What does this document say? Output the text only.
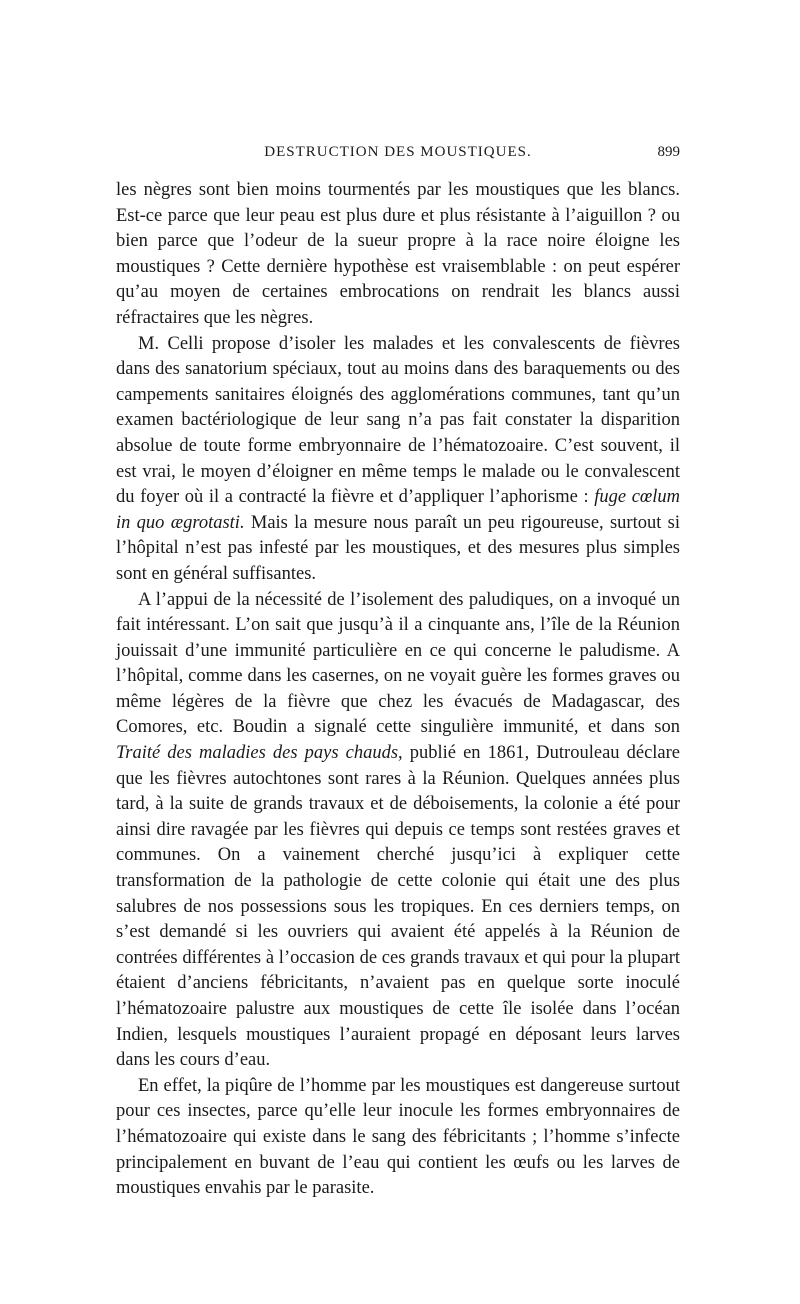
DESTRUCTION DES MOUSTIQUES.	899

les nègres sont bien moins tourmentés par les moustiques que les blancs. Est-ce parce que leur peau est plus dure et plus résistante à l’aiguillon ? ou bien parce que l’odeur de la sueur propre à la race noire éloigne les moustiques ? Cette dernière hypothèse est vraisemblable : on peut espérer qu’au moyen de certaines embrocations on rendrait les blancs aussi réfractaires que les nègres.

M. Celli propose d’isoler les malades et les convalescents de fièvres dans des sanatorium spéciaux, tout au moins dans des baraquements ou des campements sanitaires éloignés des agglomérations communes, tant qu’un examen bactériologique de leur sang n’a pas fait constater la disparition absolue de toute forme embryonnaire de l’hématozoaire. C’est souvent, il est vrai, le moyen d’éloigner en même temps le malade ou le convalescent du foyer où il a contracté la fièvre et d’appliquer l’aphorisme : fuge cœlum in quo ægrotasti. Mais la mesure nous paraît un peu rigoureuse, surtout si l’hôpital n’est pas infesté par les moustiques, et des mesures plus simples sont en général suffisantes.

A l’appui de la nécessité de l’isolement des paludiques, on a invoqué un fait intéressant. L’on sait que jusqu’à il a cinquante ans, l’île de la Réunion jouissait d’une immunité particulière en ce qui concerne le paludisme. A l’hôpital, comme dans les casernes, on ne voyait guère les formes graves ou même légères de la fièvre que chez les évacués de Madagascar, des Comores, etc. Boudin a signalé cette singulière immunité, et dans son Traité des maladies des pays chauds, publié en 1861, Dutrouleau déclare que les fièvres autochtones sont rares à la Réunion. Quelques années plus tard, à la suite de grands travaux et de déboisements, la colonie a été pour ainsi dire ravagée par les fièvres qui depuis ce temps sont restées graves et communes. On a vainement cherché jusqu’ici à expliquer cette transformation de la pathologie de cette colonie qui était une des plus salubres de nos possessions sous les tropiques. En ces derniers temps, on s’est demandé si les ouvriers qui avaient été appelés à la Réunion de contrées différentes à l’occasion de ces grands travaux et qui pour la plupart étaient d’anciens fébricitants, n’avaient pas en quelque sorte inoculé l’hématozoaire palustre aux moustiques de cette île isolée dans l’océan Indien, lesquels moustiques l’auraient propagé en déposant leurs larves dans les cours d’eau.

En effet, la piqûre de l’homme par les moustiques est dangereuse surtout pour ces insectes, parce qu’elle leur inocule les formes embryonnaires de l’hématozoaire qui existe dans le sang des fébricitants ; l’homme s’infecte principalement en buvant de l’eau qui contient les œufs ou les larves de moustiques envahis par le parasite.
